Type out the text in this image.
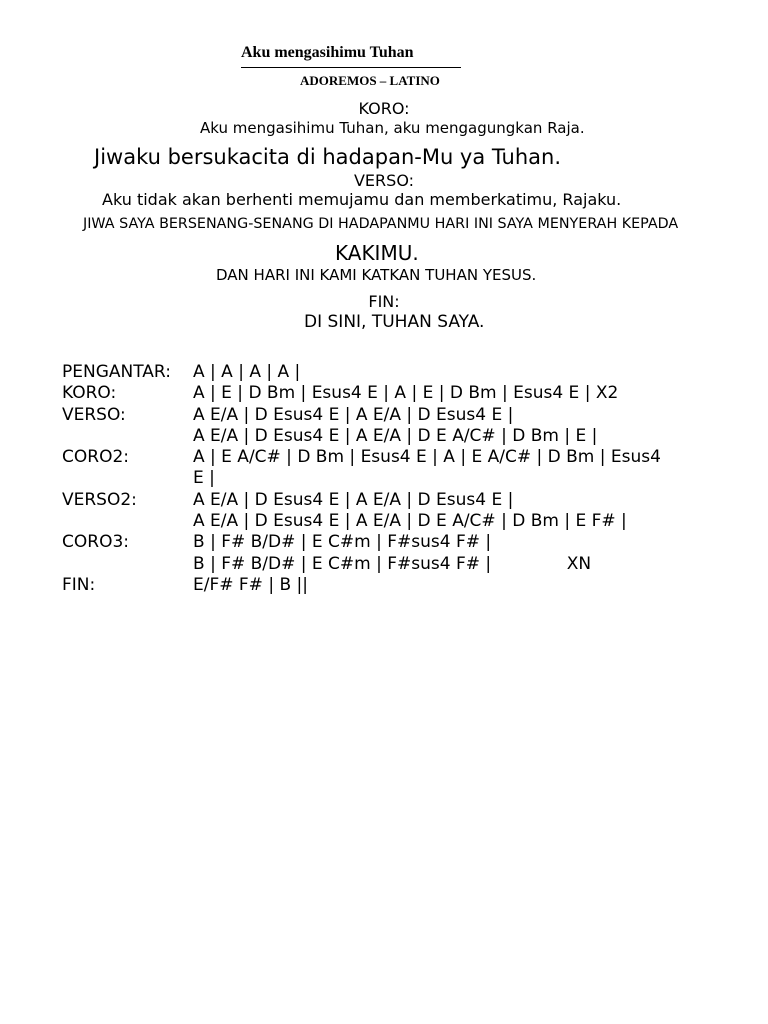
Aku mengasihimu Tuhan
ADOREMOS – LATINO
KORO:
Aku mengasihimu Tuhan, aku mengagungkan Raja.
Jiwaku bersukacita di hadapan-Mu ya Tuhan.
VERSO:
Aku tidak akan berhenti memujamu dan memberkatimu, Rajaku.
JIWA SAYA BERSENANG-SENANG DI HADAPANMU HARI INI SAYA MENYERAH KEPADA
KAKIMU.
DAN HARI INI KAMI KATKAN TUHAN YESUS.
FIN:
DI SINI, TUHAN SAYA.
PENGANTAR:	A | A | A | A |
KORO:	A | E | D Bm | Esus4 E | A | E | D Bm | Esus4 E | X2
VERSO:	A E/A | D Esus4 E | A E/A | D Esus4 E |
A E/A | D Esus4 E | A E/A | D E A/C# | D Bm | E |
CORO2:	A | E A/C# | D Bm | Esus4 E | A | E A/C# | D Bm | Esus4
E |
VERSO2:	A E/A | D Esus4 E | A E/A | D Esus4 E |
A E/A | D Esus4 E | A E/A | D E A/C# | D Bm | E F# |
CORO3:	B | F# B/D# | E C#m | F#sus4 F# |
B | F# B/D# | E C#m | F#sus4 F# |              XN
FIN:	E/F# F# | B ||
